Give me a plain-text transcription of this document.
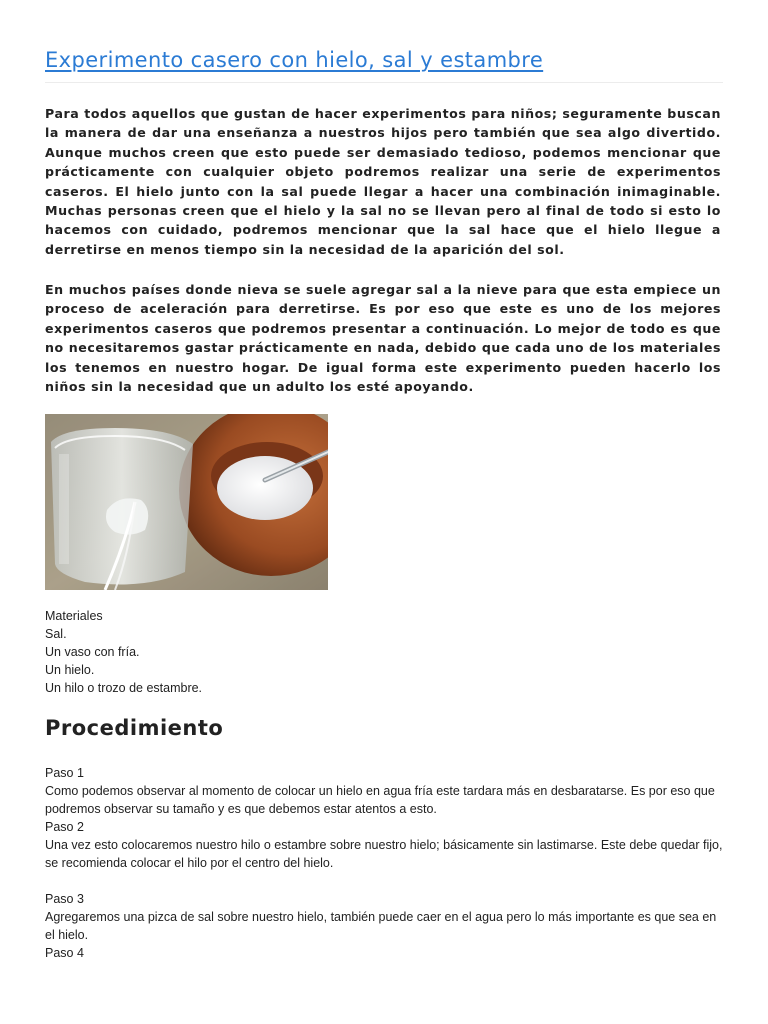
Experimento casero con hielo, sal y estambre

Para todos aquellos que gustan de hacer experimentos para niños; seguramente buscan la manera de dar una enseñanza a nuestros hijos pero también que sea algo divertido. Aunque muchos creen que esto puede ser demasiado tedioso, podemos mencionar que prácticamente con cualquier objeto podremos realizar una serie de experimentos caseros. El hielo junto con la sal puede llegar a hacer una combinación inimaginable. Muchas personas creen que el hielo y la sal no se llevan pero al final de todo si esto lo hacemos con cuidado, podremos mencionar que la sal hace que el hielo llegue a derretirse en menos tiempo sin la necesidad de la aparición del sol.

En muchos países donde nieva se suele agregar sal a la nieve para que esta empiece un proceso de aceleración para derretirse. Es por eso que este es uno de los mejores experimentos caseros que podremos presentar a continuación. Lo mejor de todo es que no necesitaremos gastar prácticamente en nada, debido que cada uno de los materiales los tenemos en nuestro hogar. De igual forma este experimento pueden hacerlo los niños sin la necesidad que un adulto los esté apoyando.

Materiales
Sal.
Un vaso con fría.
Un hielo.
Un hilo o trozo de estambre.
Procedimiento

Paso 1

Como podemos observar al momento de colocar un hielo en agua fría este tardara más en desbaratarse. Es por eso que podremos observar su tamaño y es que debemos estar atentos a esto.

Paso 2

Una vez esto colocaremos nuestro hilo o estambre sobre nuestro hielo; básicamente sin lastimarse. Este debe quedar fijo, se recomienda colocar el hilo por el centro del hielo.

Paso 3

Agregaremos una pizca de sal sobre nuestro hielo, también puede caer en el agua pero lo más importante es que sea en el hielo.

Paso 4
